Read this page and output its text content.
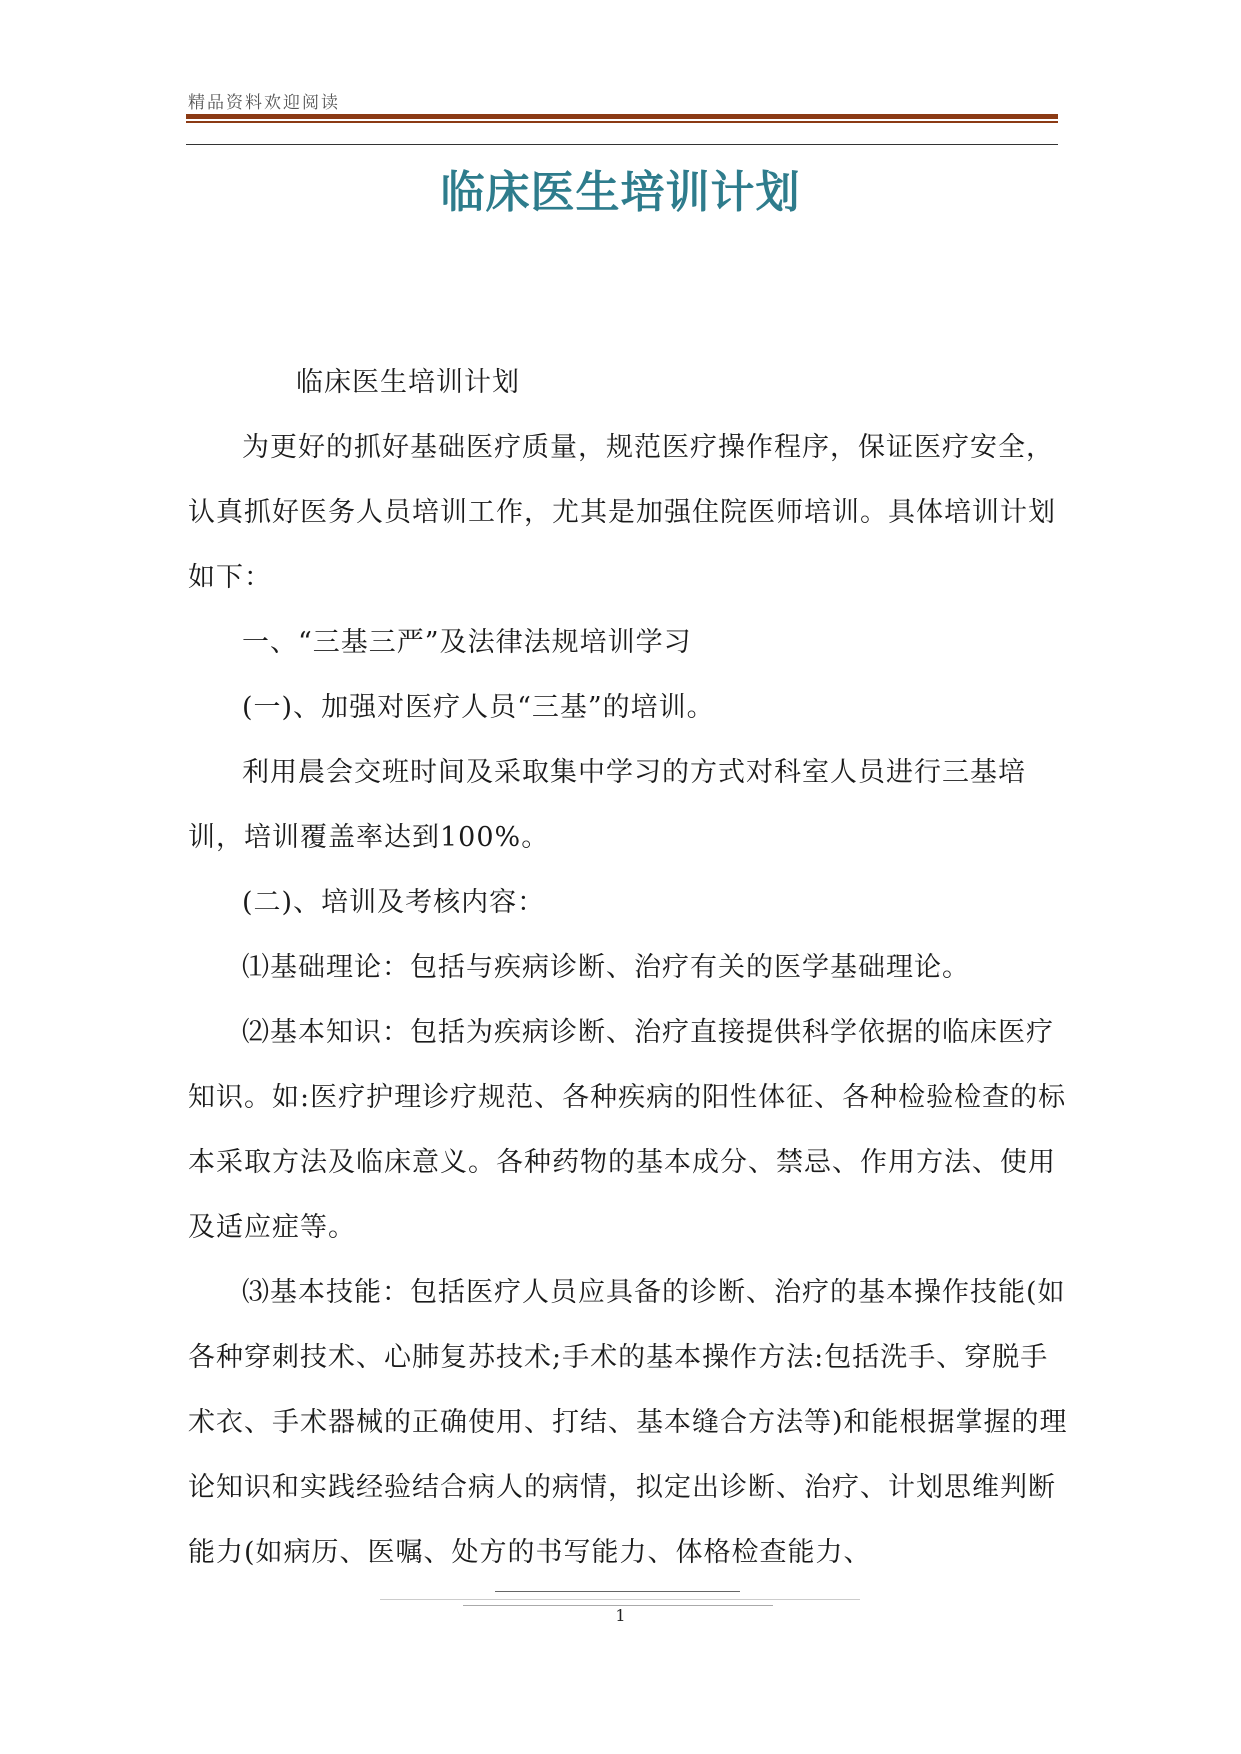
精品资料欢迎阅读
临床医生培训计划

临床医生培训计划

为更好的抓好基础医疗质量，规范医疗操作程序，保证医疗安全，认真抓好医务人员培训工作，尤其是加强住院医师培训。具体培训计划如下：

一、“三基三严”及法律法规培训学习

(一)、加强对医疗人员“三基”的培训。

利用晨会交班时间及采取集中学习的方式对科室人员进行三基培训，培训覆盖率达到100%。

(二)、培训及考核内容：

⑴基础理论：包括与疾病诊断、治疗有关的医学基础理论。

⑵基本知识：包括为疾病诊断、治疗直接提供科学依据的临床医疗知识。如:医疗护理诊疗规范、各种疾病的阳性体征、各种检验检查的标本采取方法及临床意义。各种药物的基本成分、禁忌、作用方法、使用及适应症等。

⑶基本技能：包括医疗人员应具备的诊断、治疗的基本操作技能(如各种穿刺技术、心肺复苏技术;手术的基本操作方法:包括洗手、穿脱手术衣、手术器械的正确使用、打结、基本缝合方法等)和能根据掌握的理论知识和实践经验结合病人的病情，拟定出诊断、治疗、计划思维判断能力(如病历、医嘱、处方的书写能力、体格检查能力、

1
